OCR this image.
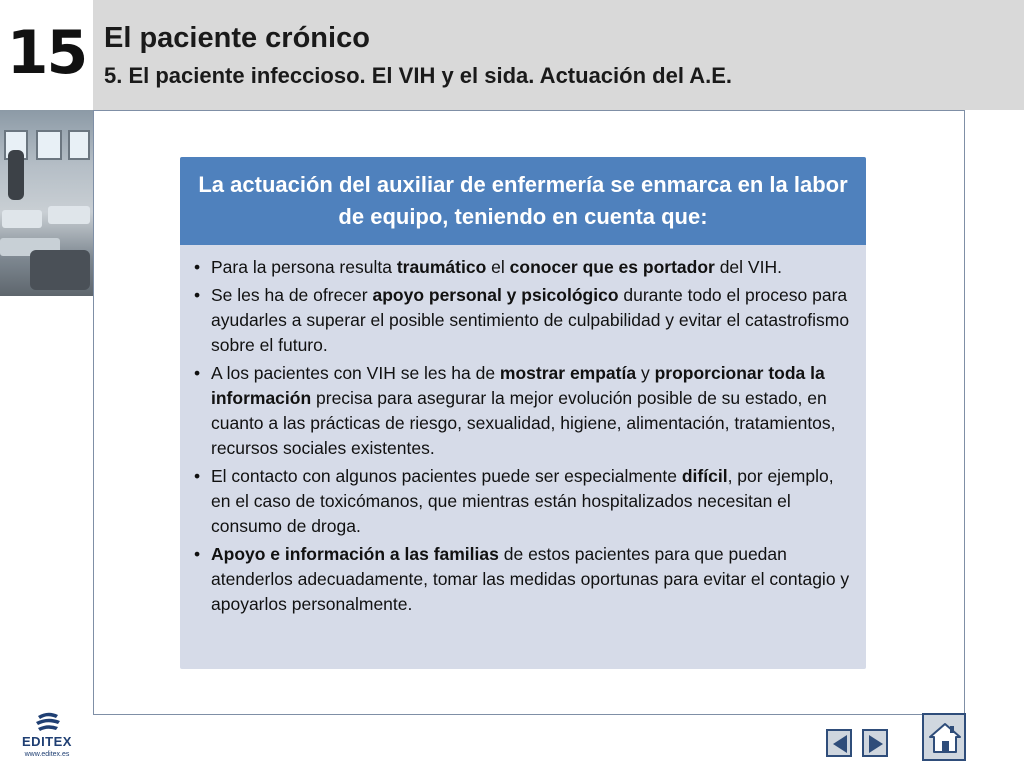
15 El paciente crónico
5. El paciente infeccioso. El VIH y el sida. Actuación del A.E.
La actuación del auxiliar de enfermería se enmarca en la labor de equipo, teniendo en cuenta que:
• Para la persona resulta traumático el conocer que es portador del VIH.
• Se les ha de ofrecer apoyo personal y psicológico durante todo el proceso para ayudarles a superar el posible sentimiento de culpabilidad y evitar el catastrofismo sobre el futuro.
• A los pacientes con VIH se les ha de mostrar empatía y proporcionar toda la información precisa para asegurar la mejor evolución posible de su estado, en cuanto a las prácticas de riesgo, sexualidad, higiene, alimentación, tratamientos, recursos sociales existentes.
• El contacto con algunos pacientes puede ser especialmente difícil, por ejemplo, en el caso de toxicómanos, que mientras están hospitalizados necesitan el consumo de droga.
• Apoyo e información a las familias de estos pacientes para que puedan atenderlos adecuadamente, tomar las medidas oportunas para evitar el contagio y apoyarlos personalmente.
EDITEX
www.editex.es
